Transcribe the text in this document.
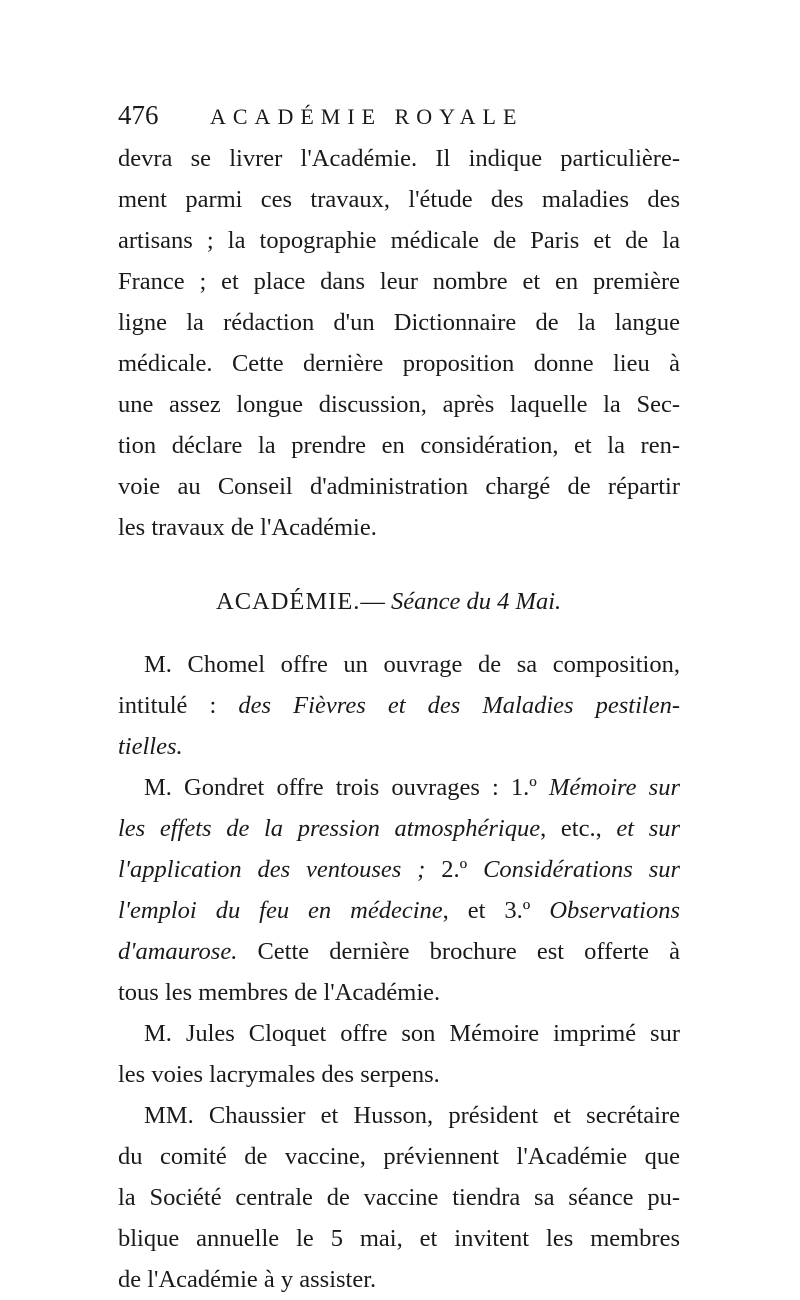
476	ACADÉMIE ROYALE
devra se livrer l'Académie. Il indique particulière-
ment parmi ces travaux, l'étude des maladies des
artisans ; la topographie médicale de Paris et de la
France ; et place dans leur nombre et en première
ligne la rédaction d'un Dictionnaire de la langue
médicale. Cette dernière proposition donne lieu à
une assez longue discussion, après laquelle la Sec-
tion déclare la prendre en considération, et la ren-
voie au Conseil d'administration chargé de répartir
les travaux de l'Académie.
ACADÉMIE.— Séance du 4 Mai.
M. Chomel offre un ouvrage de sa composition,
intitulé : des Fièvres et des Maladies pestilen-
tielles.
M. Gondret offre trois ouvrages : 1.º Mémoire sur
les effets de la pression atmosphérique, etc., et sur
l'application des ventouses ; 2.º Considérations sur
l'emploi du feu en médecine, et 3.º Observations
d'amaurose. Cette dernière brochure est offerte à
tous les membres de l'Académie.
M. Jules Cloquet offre son Mémoire imprimé sur
les voies lacrymales des serpens.
MM. Chaussier et Husson, président et secrétaire
du comité de vaccine, préviennent l'Académie que
la Société centrale de vaccine tiendra sa séance pu-
blique annuelle le 5 mai, et invitent les membres
de l'Académie à y assister.
